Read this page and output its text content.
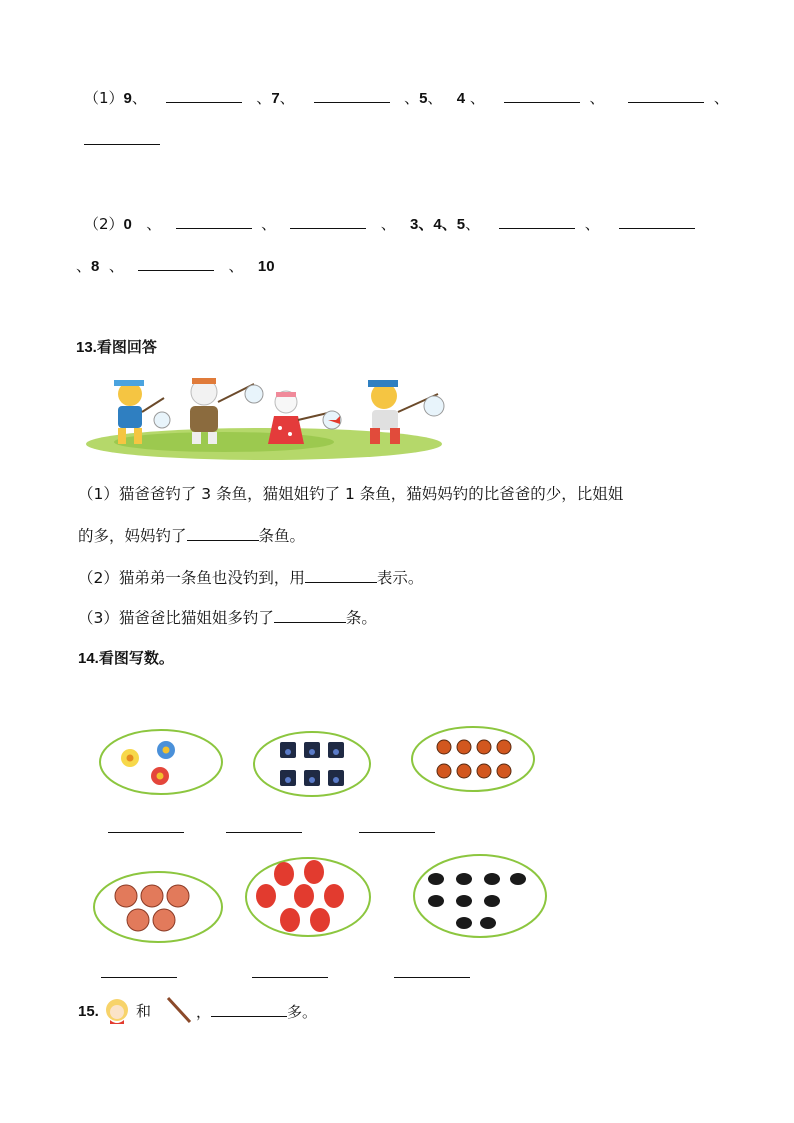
（1）9、	、7、	、5、 4 、	、	、
（2）0 、	、	、 3、4、5、	、
、8 、	、 10
13.看图回答
（1）猫爸爸钓了 3 条鱼，猫姐姐钓了 1 条鱼，猫妈妈钓的比爸爸的少，比姐姐
的多，妈妈钓了	条鱼。
（2）猫弟弟一条鱼也没钓到，用	表示。
（3）猫爸爸比猫姐姐多钓了	条。
14.看图写数。
15. 和	，	多。
